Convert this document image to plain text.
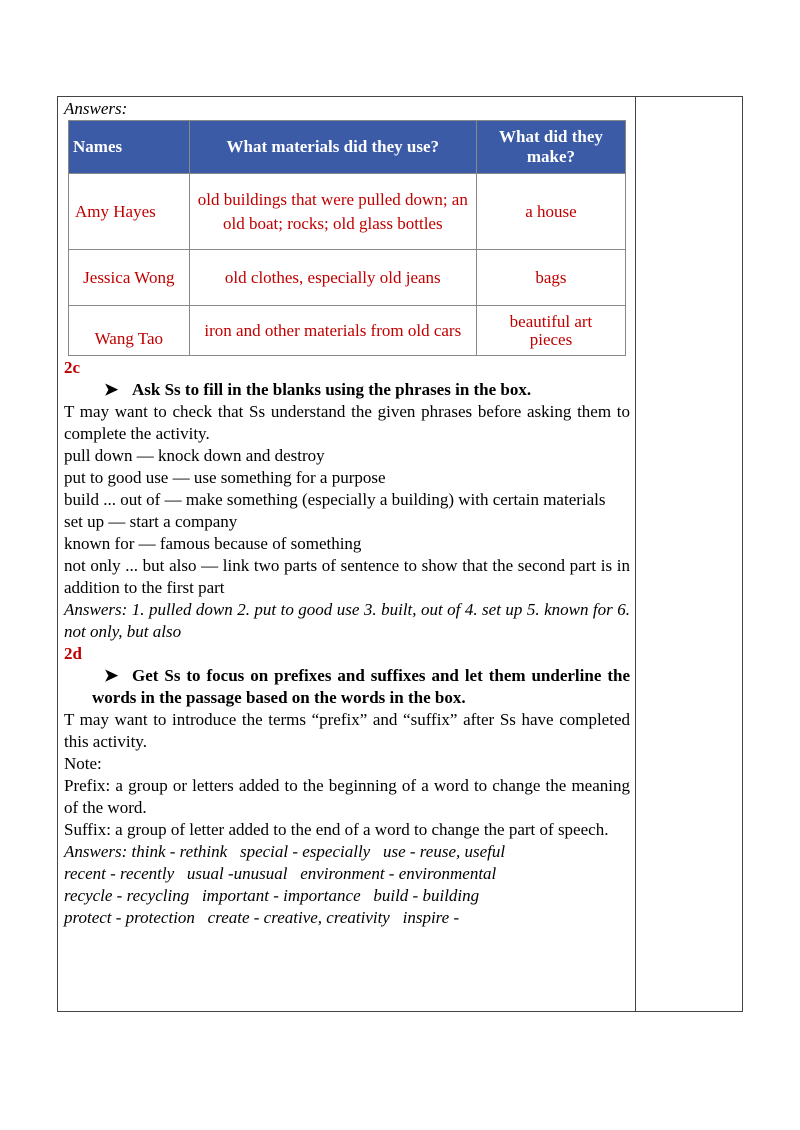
Answers:

Names	What materials did they use?	What did they make?
Amy Hayes	old buildings that were pulled down; an old boat; rocks; old glass bottles	a house
Jessica Wong	old clothes, especially old jeans	bags
Wang Tao	iron and other materials from old cars	beautiful art pieces

2c

➤ Ask Ss to fill in the blanks using the phrases in the box.

T may want to check that Ss understand the given phrases before asking them to complete the activity.

pull down — knock down and destroy

put to good use — use something for a purpose

build ... out of — make something (especially a building) with certain materials

set up — start a company

known for — famous because of something

not only ... but also — link two parts of sentence to show that the second part is in addition to the first part

Answers: 1. pulled down 2. put to good use 3. built, out of 4. set up 5. known for 6. not only, but also

2d

➤ Get Ss to focus on prefixes and suffixes and let them underline the words in the passage based on the words in the box.

T may want to introduce the terms “prefix” and “suffix” after Ss have completed this activity.

Note:

Prefix: a group or letters added to the beginning of a word to change the meaning of the word.

Suffix: a group of letter added to the end of a word to change the part of speech.

Answers: think - rethink   special - especially   use - reuse, useful

recent - recently   usual -unusual   environment - environmental

recycle - recycling   important - importance   build - building

protect - protection   create - creative, creativity   inspire -
